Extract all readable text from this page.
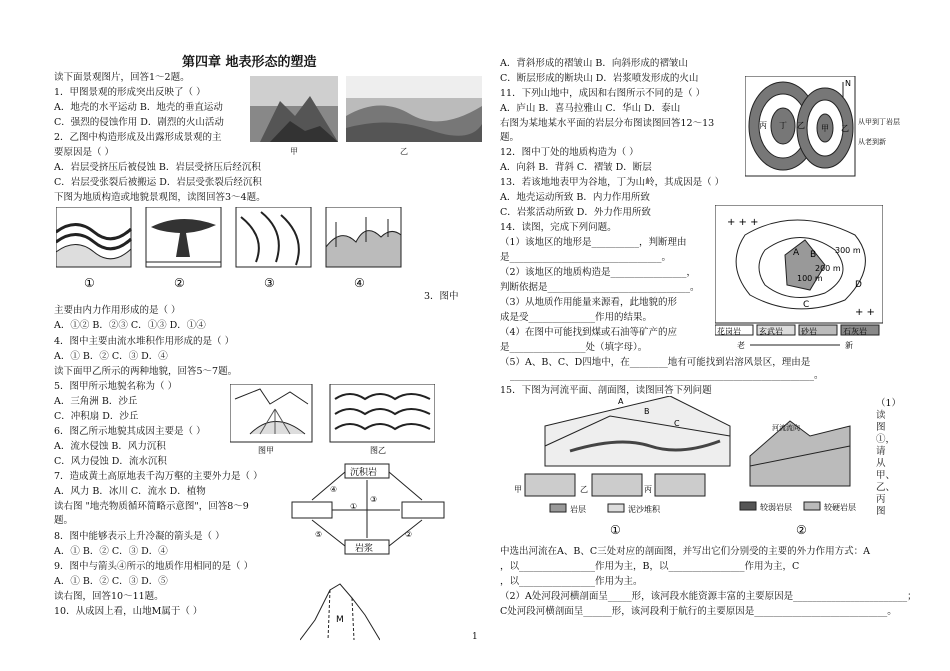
第四章 地表形态的塑造
读下面景观图片，回答1～2题。
1．甲图景观的形成突出反映了（ ）
A．地壳的水平运动 B．地壳的垂直运动
C．强烈的侵蚀作用 D．剧烈的火山活动
2．乙图中构造形成及出露形成景观的主
要原因是（ ）
A．岩层受挤压后被侵蚀 B．岩层受挤压后经沉积
C．岩层受张裂后被搬运 D．岩层受张裂后经沉积
下图为地质构造或地貌景观图，读图回答3～4题。
甲	乙
①	②	③	④
3．图中
主要由内力作用形成的是（ ）
A．①② B．②③ C．①③ D．①④
4．图中主要由流水堆积作用形成的是（ ）
A．① B．② C．③ D．④
读下面甲乙所示的两种地貌，回答5～7题。
5．图甲所示地貌名称为（ ）
A．三角洲 B．沙丘
C．冲积扇 D．沙丘
6．图乙所示地貌其成因主要是（ ）
A．流水侵蚀 B．风力沉积
C．风力侵蚀 D．流水沉积
7．造成黄土高原地表千沟万壑的主要外力是（ ）
A．风力 B．冰川 C．流水 D．植物
读右图 "地壳物质循环简略示意图"，回答8～9
题。
8．图中能够表示上升冷凝的箭头是（ ）
A．① B．② C．③ D．④
9．图中与箭头④所示的地质作用相同的是（ ）
A．① B．② C．③ D．⑤
读右图，回答10～11题。
10．从成因上看，山地M属于（ ）
图甲	图乙
沉积岩
岩浆
④
③
①
⑤	②
M
A．背斜形成的褶皱山 B．向斜形成的褶皱山
C．断层形成的断块山 D．岩浆喷发形成的火山
11．下列山地中，成因和右图所示不同的是（ ）
A．庐山 B．喜马拉雅山 C．华山 D．泰山
右图为某地某水平面的岩层分布图读图回答12～13
题。
12．图中丁处的地质构造为（ ）
A．向斜 B．背斜 C．褶皱 D．断层
13．若该地地表甲为谷地，丁为山岭，其成因是（ ）
A．地壳运动所致 B．内力作用所致
C．岩浆活动所致 D．外力作用所致
14．读图，完成下列问题。
（1）该地区的地形是__________，判断理由
是________________________________。
（2）该地区的地质构造是________________，
判断依据是______________________________。
（3）从地质作用能量来源看，此地貌的形
成是受______________作用的结果。
（4）在图中可能找到煤或石油等矿产的应
是________________处（填字母）。
（5）A、B、C、D四地中，在________地有可能找到岩溶风景区，理由是
________________________________________________________________。
15．下图为河流平面、剖面图，读图回答下列问题
（1）读图①，请从甲、乙、丙图
中选出河流在A、B、C三处对应的剖面图，并写出它们分别受的主要的外力作用方式：A
，以________________作用为主，B，以________________作用为主，C
，以________________作用为主。
（2）A处河段河横剖面呈_____形，该河段水能资源丰富的主要原因是________________________；
C处河段河横剖面呈______形，该河段利于航行的主要原因是____________________________。
丙 丁 乙 甲 乙
N
从甲到丁岩层
从老到新
+ + +
+ +
300 m
200 m
100 m
A B
C
D
花岗岩 玄武岩 砂岩	石灰岩
老	新
A
B
C
甲	乙	丙
岩层	泥沙堆积
①
河流流向
较弱岩层	较硬岩层
②
1
